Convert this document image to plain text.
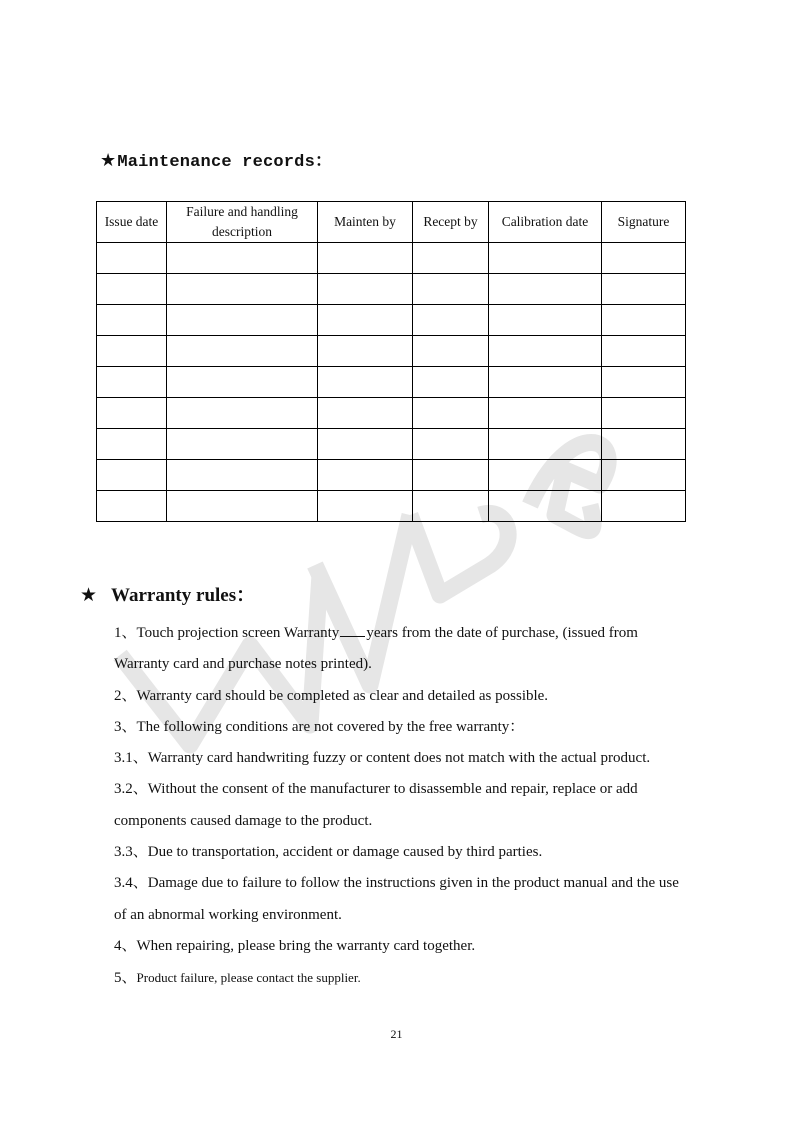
★Maintenance records：
Issue date	Failure and handling description	Mainten by	Recept by	Calibration date	Signature

★ Warranty rules：

1、Touch projection screen Warranty years from the date of purchase, (issued from

Warranty card and purchase notes printed).

2、Warranty card should be completed as clear and detailed as possible.

3、The following conditions are not covered by the free warranty：

3.1、Warranty card handwriting fuzzy or content does not match with the actual product.

3.2、Without the consent of the manufacturer to disassemble and repair, replace or add

components caused damage to the product.

3.3、Due to transportation, accident or damage caused by third parties.

3.4、Damage due to failure to follow the instructions given in the product manual and the use

of an abnormal working environment.

4、When repairing, please bring the warranty card together.

5、Product failure, please contact the supplier.

21
